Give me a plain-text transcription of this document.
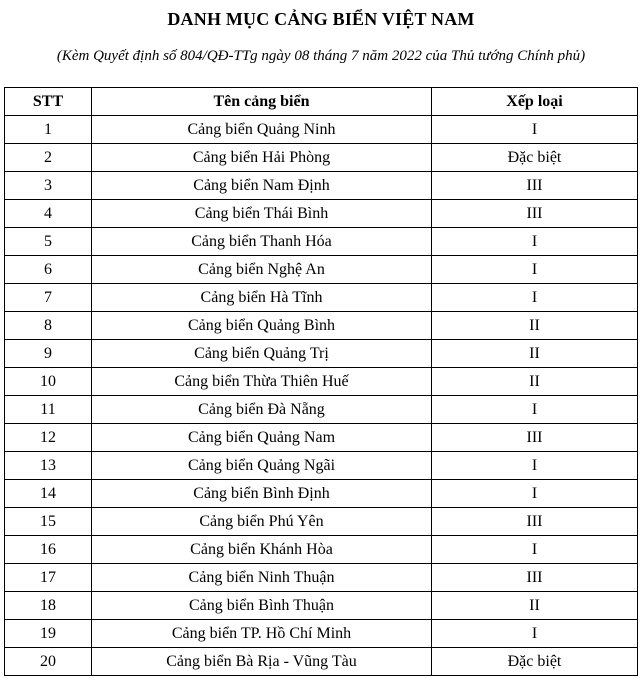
DANH MỤC CẢNG BIỂN VIỆT NAM
(Kèm Quyết định số 804/QĐ-TTg ngày 08 tháng 7 năm 2022 của Thủ tướng Chính phủ)
STT	Tên cảng biển	Xếp loại
1	Cảng biển Quảng Ninh	I
2	Cảng biển Hải Phòng	Đặc biệt
3	Cảng biển Nam Định	III
4	Cảng biển Thái Bình	III
5	Cảng biển Thanh Hóa	I
6	Cảng biển Nghệ An	I
7	Cảng biển Hà Tĩnh	I
8	Cảng biển Quảng Bình	II
9	Cảng biển Quảng Trị	II
10	Cảng biển Thừa Thiên Huế	II
11	Cảng biển Đà Nẵng	I
12	Cảng biển Quảng Nam	III
13	Cảng biển Quảng Ngãi	I
14	Cảng biển Bình Định	I
15	Cảng biển Phú Yên	III
16	Cảng biển Khánh Hòa	I
17	Cảng biển Ninh Thuận	III
18	Cảng biển Bình Thuận	II
19	Cảng biển TP. Hồ Chí Minh	I
20	Cảng biển Bà Rịa - Vũng Tàu	Đặc biệt
